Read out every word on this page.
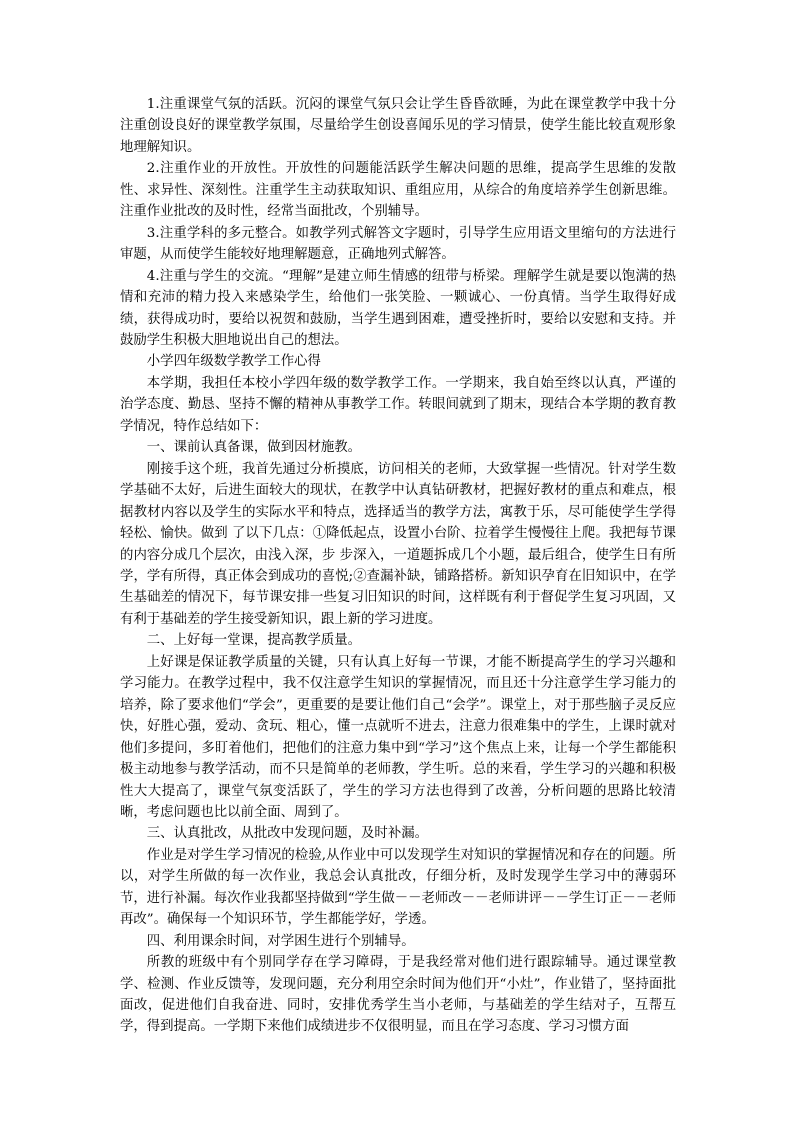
1.注重课堂气氛的活跃。沉闷的课堂气氛只会让学生昏昏欲睡，为此在课堂教学中我十分注重创设良好的课堂教学氛围，尽量给学生创设喜闻乐见的学习情景，使学生能比较直观形象地理解知识。

2.注重作业的开放性。开放性的问题能活跃学生解决问题的思维，提高学生思维的发散性、求异性、深刻性。注重学生主动获取知识、重组应用，从综合的角度培养学生创新思维。注重作业批改的及时性，经常当面批改，个别辅导。

3.注重学科的多元整合。如教学列式解答文字题时，引导学生应用语文里缩句的方法进行审题，从而使学生能较好地理解题意，正确地列式解答。

4.注重与学生的交流。“理解”是建立师生情感的纽带与桥梁。理解学生就是要以饱满的热情和充沛的精力投入来感染学生，给他们一张笑脸、一颗诚心、一份真情。当学生取得好成绩，获得成功时，要给以祝贺和鼓励，当学生遇到困难，遭受挫折时，要给以安慰和支持。并鼓励学生积极大胆地说出自己的想法。

小学四年级数学教学工作心得

本学期，我担任本校小学四年级的数学教学工作。一学期来，我自始至终以认真，严谨的治学态度、勤恳、坚持不懈的精神从事教学工作。转眼间就到了期末，现结合本学期的教育教学情况，特作总结如下：

一、课前认真备课，做到因材施教。

刚接手这个班，我首先通过分析摸底，访问相关的老师，大致掌握一些情况。针对学生数学基础不太好，后进生面较大的现状，在教学中认真钻研教材，把握好教材的重点和难点，根据教材内容以及学生的实际水平和特点，选择适当的教学方法，寓教于乐，尽可能使学生学得轻松、愉快。做到 了以下几点：①降低起点，设置小台阶、拉着学生慢慢往上爬。我把每节课的内容分成几个层次，由浅入深，步 步深入，一道题拆成几个小题，最后组合，使学生日有所学，学有所得，真正体会到成功的喜悦;②查漏补缺，铺路搭桥。新知识孕育在旧知识中，在学生基础差的情况下，每节课安排一些复习旧知识的时间，这样既有利于督促学生复习巩固，又有利于基础差的学生接受新知识，跟上新的学习进度。

二、上好每一堂课，提高教学质量。

上好课是保证教学质量的关键，只有认真上好每一节课，才能不断提高学生的学习兴趣和学习能力。在教学过程中，我不仅注意学生知识的掌握情况，而且还十分注意学生学习能力的培养，除了要求他们“学会”，更重要的是要让他们自己“会学”。课堂上，对于那些脑子灵反应快，好胜心强，爱动、贪玩、粗心，懂一点就听不进去，注意力很难集中的学生，上课时就对他们多提问，多盯着他们，把他们的注意力集中到“学习”这个焦点上来，让每一个学生都能积极主动地参与教学活动，而不只是简单的老师教，学生听。总的来看，学生学习的兴趣和积极性大大提高了，课堂气氛变活跃了，学生的学习方法也得到了改善，分析问题的思路比较清晰，考虑问题也比以前全面、周到了。

三、认真批改，从批改中发现问题，及时补漏。

作业是对学生学习情况的检验,从作业中可以发现学生对知识的掌握情况和存在的问题。所以，对学生所做的每一次作业，我总会认真批改，仔细分析，及时发现学生学习中的薄弱环节，进行补漏。每次作业我都坚持做到“学生做－－老师改－－老师讲评－－学生订正－－老师再改”。确保每一个知识环节，学生都能学好，学透。

四、利用课余时间，对学困生进行个别辅导。

所教的班级中有个别同学存在学习障碍，于是我经常对他们进行跟踪辅导。通过课堂教学、检测、作业反馈等，发现问题，充分利用空余时间为他们开“小灶”，作业错了，坚持面批面改，促进他们自我奋进、同时，安排优秀学生当小老师，与基础差的学生结对子，互帮互学，得到提高。一学期下来他们成绩进步不仅很明显，而且在学习态度、学习习惯方面
